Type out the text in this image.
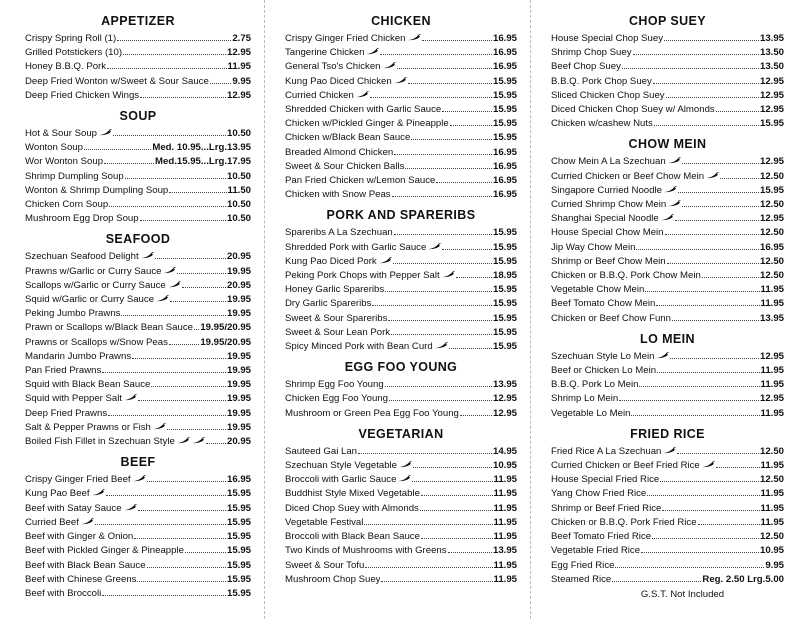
APPETIZER
Crispy Spring Roll (1)	2.75
Grilled Potstickers (10)	12.95
Honey B.B.Q. Pork	11.95
Deep Fried Wonton w/Sweet & Sour Sauce 9.95
Deep Fried Chicken Wings	12.95
SOUP
Hot & Sour Soup	10.50
Wonton Soup	Med. 10.95...Lrg.13.95
Wor Wonton Soup	Med.15.95...Lrg.17.95
Shrimp Dumpling Soup	10.50
Wonton & Shrimp Dumpling Soup	11.50
Chicken Corn Soup	10.50
Mushroom Egg Drop Soup	10.50
SEAFOOD
Szechuan Seafood Delight	20.95
Prawns w/Garlic or Curry Sauce	19.95
Scallops w/Garlic or Curry Sauce	20.95
Squid w/Garlic or Curry Sauce	19.95
Peking Jumbo Prawns	19.95
Prawn or Scallops w/Black Bean Sauce 19.95/20.95
Prawns or Scallops w/Snow Peas	19.95/20.95
Mandarin Jumbo Prawns	19.95
Pan Fried Prawns	19.95
Squid with Black Bean Sauce	19.95
Squid with Pepper Salt	19.95
Deep Fried Prawns	19.95
Salt & Pepper Prawns or Fish	19.95
Boiled Fish Fillet in Szechuan Style	20.95
BEEF
Crispy Ginger Fried Beef	16.95
Kung Pao Beef	15.95
Beef with Satay Sauce	15.95
Curried Beef	15.95
Beef with Ginger & Onion	15.95
Beef with Pickled Ginger & Pineapple	15.95
Beef with Black Bean Sauce	15.95
Beef with Chinese Greens	15.95
Beef with Broccoli	15.95
CHICKEN
Crispy Ginger Fried Chicken	16.95
Tangerine Chicken	16.95
General Tso's Chicken	16.95
Kung Pao Diced Chicken	15.95
Curried Chicken	15.95
Shredded Chicken with Garlic Sauce	15.95
Chicken w/Pickled Ginger & Pineapple	15.95
Chicken w/Black Bean Sauce	15.95
Breaded Almond Chicken	16.95
Sweet & Sour Chicken Balls	16.95
Pan Fried Chicken w/Lemon Sauce	16.95
Chicken with Snow Peas	16.95
PORK AND SPARERIBS
Spareribs A La Szechuan	15.95
Shredded Pork with Garlic Sauce	15.95
Kung Pao Diced Pork	15.95
Peking Pork Chops with Pepper Salt	18.95
Honey Garlic Spareribs	15.95
Dry Garlic Spareribs	15.95
Sweet & Sour Spareribs	15.95
Sweet & Sour Lean Pork	15.95
Spicy Minced Pork with Bean Curd	15.95
EGG FOO YOUNG
Shrimp Egg Foo Young	13.95
Chicken Egg Foo Young	12.95
Mushroom or Green Pea Egg Foo Young	12.95
VEGETARIAN
Sauteed Gai Lan	14.95
Szechuan Style Vegetable	10.95
Broccoli with Garlic Sauce	11.95
Buddhist Style Mixed Vegetable	11.95
Diced Chop Suey with Almonds	11.95
Vegetable Festival	11.95
Broccoli with Black Bean Sauce	11.95
Two Kinds of Mushrooms with Greens	13.95
Sweet & Sour Tofu	11.95
Mushroom Chop Suey	11.95
CHOP SUEY
House Special Chop Suey	13.95
Shrimp Chop Suey	13.50
Beef Chop Suey	13.50
B.B.Q. Pork Chop Suey	12.95
Sliced Chicken Chop Suey	12.95
Diced Chicken Chop Suey w/ Almonds	12.95
Chicken w/cashew Nuts	15.95
CHOW MEIN
Chow Mein A La Szechuan	12.95
Curried Chicken or Beef Chow Mein	12.50
Singapore Curried Noodle	15.95
Curried Shrimp Chow Mein	12.50
Shanghai Special Noodle	12.95
House Special Chow Mein	12.50
Jip Way Chow Mein	16.95
Shrimp or Beef Chow Mein	12.50
Chicken or B.B.Q. Pork Chow Mein	12.50
Vegetable Chow Mein	11.95
Beef Tomato Chow Mein	11.95
Chicken or Beef Chow Funn	13.95
LO MEIN
Szechuan Style Lo Mein	12.95
Beef or Chicken Lo Mein	11.95
B.B.Q. Pork Lo Mein	11.95
Shrimp Lo Mein	12.95
Vegetable Lo Mein	11.95
FRIED RICE
Fried Rice A La Szechuan	12.50
Curried Chicken or Beef Fried Rice	11.95
House Special Fried Rice	12.50
Yang Chow Fried Rice	11.95
Shrimp or Beef Fried Rice	11.95
Chicken or B.B.Q. Pork Fried Rice	11.95
Beef Tomato Fried Rice	12.50
Vegetable Fried Rice	10.95
Egg Fried Rice	9.95
Steamed Rice	Reg. 2.50 Lrg.5.00
G.S.T. Not Included
